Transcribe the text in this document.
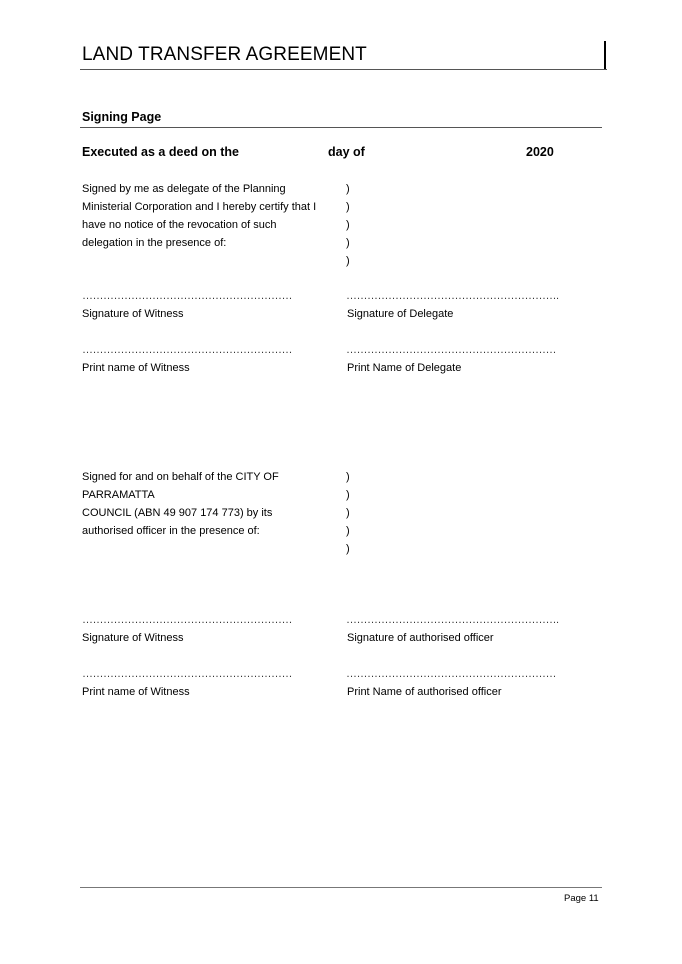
LAND TRANSFER AGREEMENT
Signing Page
Executed as a deed on the	day of	2020
Signed by me as delegate of the Planning
Ministerial Corporation and I hereby certify that I
have no notice of the revocation of such
delegation in the presence of:
)
)
)
)
)
……………………………………………………	…………………………………………………….
Signature of Witness	Signature of Delegate
……………………………………………………	……………………………………………………
Print name of Witness	Print Name of Delegate
Signed for and on behalf of the CITY OF
PARRAMATTA
COUNCIL (ABN 49 907 174 773) by its
authorised officer in the presence of:
)
)
)
)
)
……………………………………………………	…………………………………………………….
Signature of Witness	Signature of authorised officer
……………………………………………………	……………………………………………………
Print name of Witness	Print Name of authorised officer
Page 11
